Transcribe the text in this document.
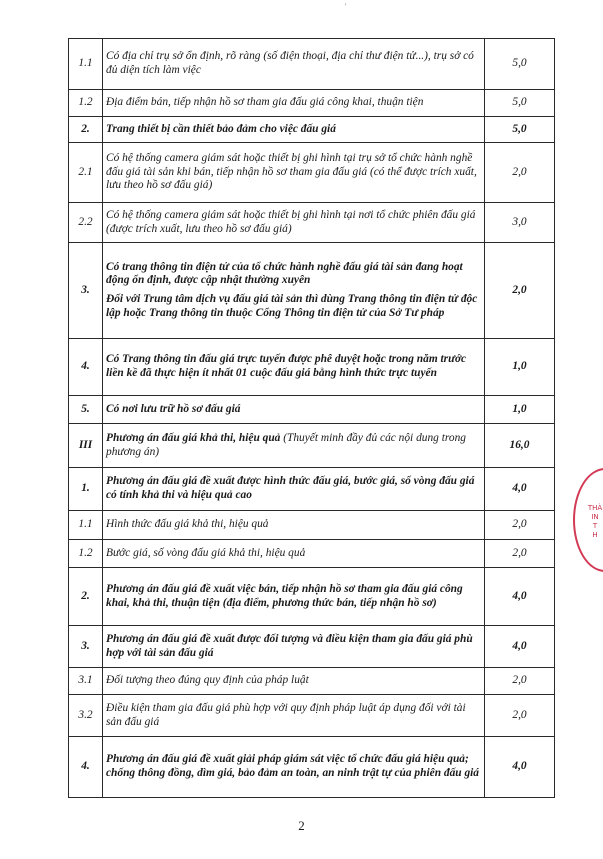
'
1.1	Có địa chỉ trụ sở ổn định, rõ ràng (số điện thoại, địa chỉ thư điện tử...), trụ sở có đủ diện tích làm việc	5,0
1.2	Địa điểm bán, tiếp nhận hồ sơ tham gia đấu giá công khai, thuận tiện	5,0
2.	Trang thiết bị cần thiết bảo đảm cho việc đấu giá	5,0
2.1	Có hệ thống camera giám sát hoặc thiết bị ghi hình tại trụ sở tổ chức hành nghề đấu giá tài sản khi bán, tiếp nhận hồ sơ tham gia đấu giá (có thể được trích xuất, lưu theo hồ sơ đấu giá)	2,0
2.2	Có hệ thống camera giám sát hoặc thiết bị ghi hình tại nơi tổ chức phiên đấu giá (được trích xuất, lưu theo hồ sơ đấu giá)	3,0
3.	Có trang thông tin điện tử của tổ chức hành nghề đấu giá tài sản đang hoạt động ổn định, được cập nhật thường xuyên
Đối với Trung tâm dịch vụ đấu giá tài sản thì dùng Trang thông tin điện tử độc lập hoặc Trang thông tin thuộc Cổng Thông tin điện tử của Sở Tư pháp	2,0
4.	Có Trang thông tin đấu giá trực tuyến được phê duyệt hoặc trong năm trước liền kề đã thực hiện ít nhất 01 cuộc đấu giá bằng hình thức trực tuyến	1,0
5.	Có nơi lưu trữ hồ sơ đấu giá	1,0
III	Phương án đấu giá khả thi, hiệu quả (Thuyết minh đầy đủ các nội dung trong phương án)	16,0
1.	Phương án đấu giá đề xuất được hình thức đấu giá, bước giá, số vòng đấu giá có tính khả thi và hiệu quả cao	4,0
1.1	Hình thức đấu giá khả thi, hiệu quả	2,0
1.2	Bước giá, số vòng đấu giá khả thi, hiệu quả	2,0
2.	Phương án đấu giá đề xuất việc bán, tiếp nhận hồ sơ tham gia đấu giá công khai, khả thi, thuận tiện (địa điểm, phương thức bán, tiếp nhận hồ sơ)	4,0
3.	Phương án đấu giá đề xuất được đối tượng và điều kiện tham gia đấu giá phù hợp với tài sản đấu giá	4,0
3.1	Đối tượng theo đúng quy định của pháp luật	2,0
3.2	Điều kiện tham gia đấu giá phù hợp với quy định pháp luật áp dụng đối với tài sản đấu giá	2,0
4.	Phương án đấu giá đề xuất giải pháp giám sát việc tổ chức đấu giá hiệu quả; chống thông đồng, dìm giá, bảo đảm an toàn, an ninh trật tự của phiên đấu giá	4,0
THÀ
IN
T
H
2
